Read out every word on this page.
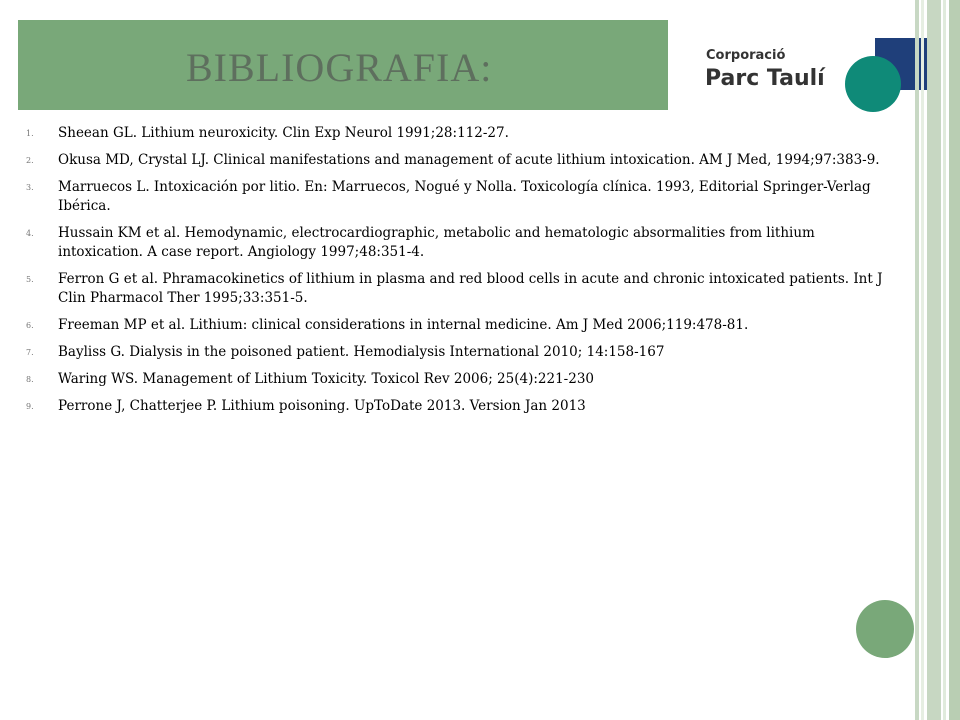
BIBLIOGRAFIA:	Corporació
Parc Taulí
1.	Sheean GL. Lithium neuroxicity. Clin Exp Neurol 1991;28:112-27.
2.	Okusa MD, Crystal LJ. Clinical manifestations and management of acute lithium intoxication. AM J Med, 1994;97:383-9.
3.	Marruecos L. Intoxicación por litio. En: Marruecos, Nogué y Nolla. Toxicología clínica. 1993, Editorial Springer-Verlag Ibérica.
4.	Hussain KM et al. Hemodynamic, electrocardiographic, metabolic and hematologic absormalities from lithium intoxication. A case report. Angiology 1997;48:351-4.
5.	Ferron G et al. Phramacokinetics of lithium in plasma and red blood cells in acute and chronic intoxicated patients. Int J Clin Pharmacol Ther 1995;33:351-5.
6.	Freeman MP et al. Lithium: clinical considerations in internal medicine. Am J Med 2006;119:478-81.
7.	Bayliss G. Dialysis in the poisoned patient. Hemodialysis International 2010; 14:158-167
8.	Waring WS. Management of Lithium Toxicity. Toxicol Rev 2006; 25(4):221-230
9.	Perrone J, Chatterjee P. Lithium poisoning. UpToDate 2013. Version Jan 2013
